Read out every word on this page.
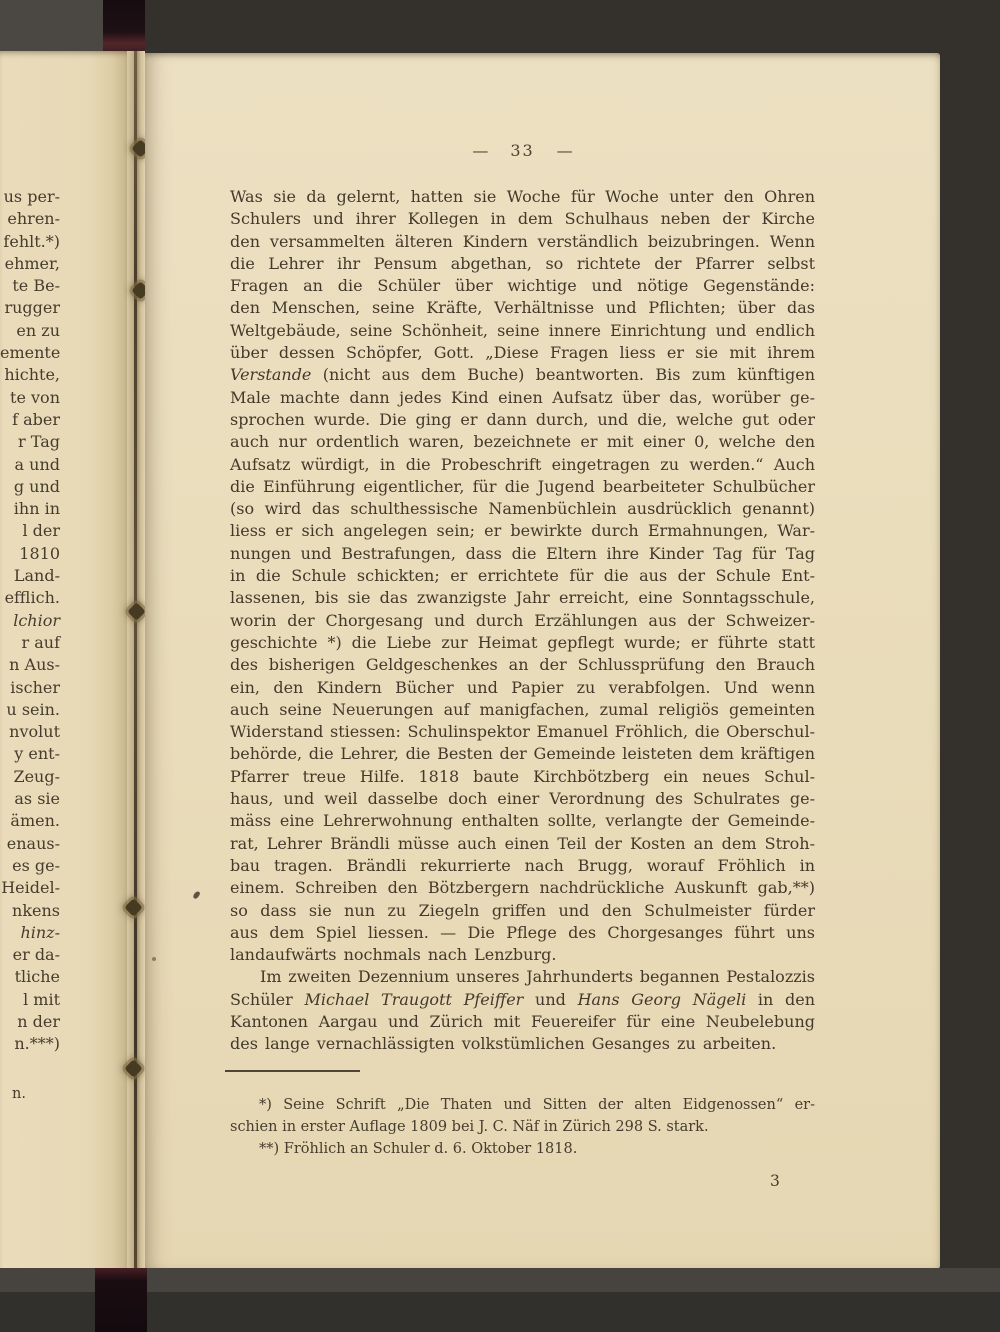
us per-
ehren-
fehlt.*)
ehmer,
te Be-
rugger
en zu
emente
hichte,
te von
f aber
r Tag
a und
g und
ihn in
l der
1810
Land-
efflich.
lchior
r auf
n Aus-
ischer
u sein.
nvolut
y ent-
Zeug-
as sie
ämen.
enaus-
es ge-
Heidel-
nkens
hinz-
er da-
tliche
l mit
n der
n.***)
n.
— 33 —
Was sie da gelernt, hatten sie Woche für Woche unter den Ohren
Schulers und ihrer Kollegen in dem Schulhaus neben der Kirche
den versammelten älteren Kindern verständlich beizubringen. Wenn
die Lehrer ihr Pensum abgethan, so richtete der Pfarrer selbst
Fragen an die Schüler über wichtige und nötige Gegenstände:
den Menschen, seine Kräfte, Verhältnisse und Pflichten; über das
Weltgebäude, seine Schönheit, seine innere Einrichtung und endlich
über dessen Schöpfer, Gott. „Diese Fragen liess er sie mit ihrem
Verstande (nicht aus dem Buche) beantworten. Bis zum künftigen
Male machte dann jedes Kind einen Aufsatz über das, worüber ge-
sprochen wurde. Die ging er dann durch, und die, welche gut oder
auch nur ordentlich waren, bezeichnete er mit einer 0, welche den
Aufsatz würdigt, in die Probeschrift eingetragen zu werden.“ Auch
die Einführung eigentlicher, für die Jugend bearbeiteter Schulbücher
(so wird das schulthessische Namenbüchlein ausdrücklich genannt)
liess er sich angelegen sein; er bewirkte durch Ermahnungen, War-
nungen und Bestrafungen, dass die Eltern ihre Kinder Tag für Tag
in die Schule schickten; er errichtete für die aus der Schule Ent-
lassenen, bis sie das zwanzigste Jahr erreicht, eine Sonntagsschule,
worin der Chorgesang und durch Erzählungen aus der Schweizer-
geschichte *) die Liebe zur Heimat gepflegt wurde; er führte statt
des bisherigen Geldgeschenkes an der Schlussprüfung den Brauch
ein, den Kindern Bücher und Papier zu verabfolgen. Und wenn
auch seine Neuerungen auf manigfachen, zumal religiös gemeinten
Widerstand stiessen: Schulinspektor Emanuel Fröhlich, die Oberschul-
behörde, die Lehrer, die Besten der Gemeinde leisteten dem kräftigen
Pfarrer treue Hilfe. 1818 baute Kirchbötzberg ein neues Schul-
haus, und weil dasselbe doch einer Verordnung des Schulrates ge-
mäss eine Lehrerwohnung enthalten sollte, verlangte der Gemeinde-
rat, Lehrer Brändli müsse auch einen Teil der Kosten an dem Stroh-
bau tragen. Brändli rekurrierte nach Brugg, worauf Fröhlich in
einem. Schreiben den Bötzbergern nachdrückliche Auskunft gab,**)
so dass sie nun zu Ziegeln griffen und den Schulmeister fürder
aus dem Spiel liessen. — Die Pflege des Chorgesanges führt uns
landaufwärts nochmals nach Lenzburg.
Im zweiten Dezennium unseres Jahrhunderts begannen Pestalozzis
Schüler Michael Traugott Pfeiffer und Hans Georg Nägeli in den
Kantonen Aargau und Zürich mit Feuereifer für eine Neubelebung
des lange vernachlässigten volkstümlichen Gesanges zu arbeiten.
*) Seine Schrift „Die Thaten und Sitten der alten Eidgenossen“ er-
schien in erster Auflage 1809 bei J. C. Näf in Zürich 298 S. stark.
**) Fröhlich an Schuler d. 6. Oktober 1818.
3
